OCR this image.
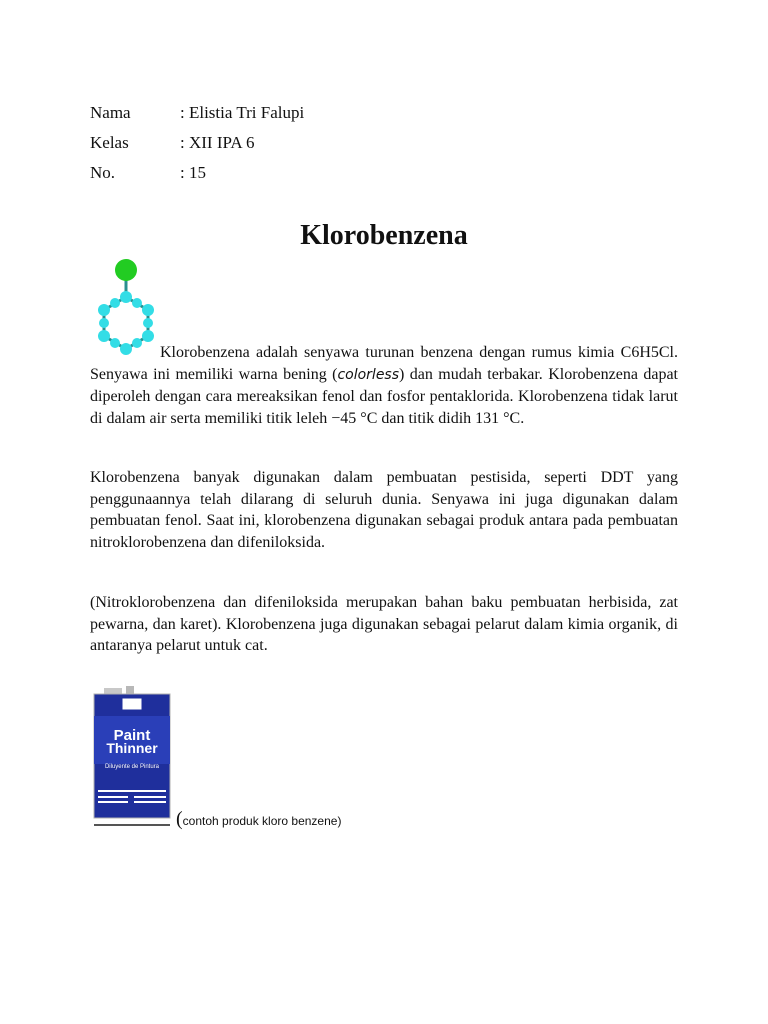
Nama	: Elistia Tri Falupi
Kelas	: XII IPA 6
No.	: 15
Klorobenzena

Klorobenzena adalah senyawa turunan benzena dengan rumus kimia C6H5Cl. Senyawa ini memiliki warna bening (colorless) dan mudah terbakar. Klorobenzena dapat diperoleh dengan cara mereaksikan fenol dan fosfor pentaklorida. Klorobenzena tidak larut di dalam air serta memiliki titik leleh −45 °C dan titik didih 131 °C.

Klorobenzena banyak digunakan dalam pembuatan pestisida, seperti DDT yang penggunaannya telah dilarang di seluruh dunia. Senyawa ini juga digunakan dalam pembuatan fenol. Saat ini, klorobenzena digunakan sebagai produk antara pada pembuatan nitroklorobenzena dan difeniloksida.

(Nitroklorobenzena dan difeniloksida merupakan bahan baku pembuatan herbisida, zat pewarna, dan karet). Klorobenzena juga digunakan sebagai pelarut dalam kimia organik, di antaranya pelarut untuk cat.

Paint
Thinner
Diluyente de Pintura
(contoh produk kloro benzene)
